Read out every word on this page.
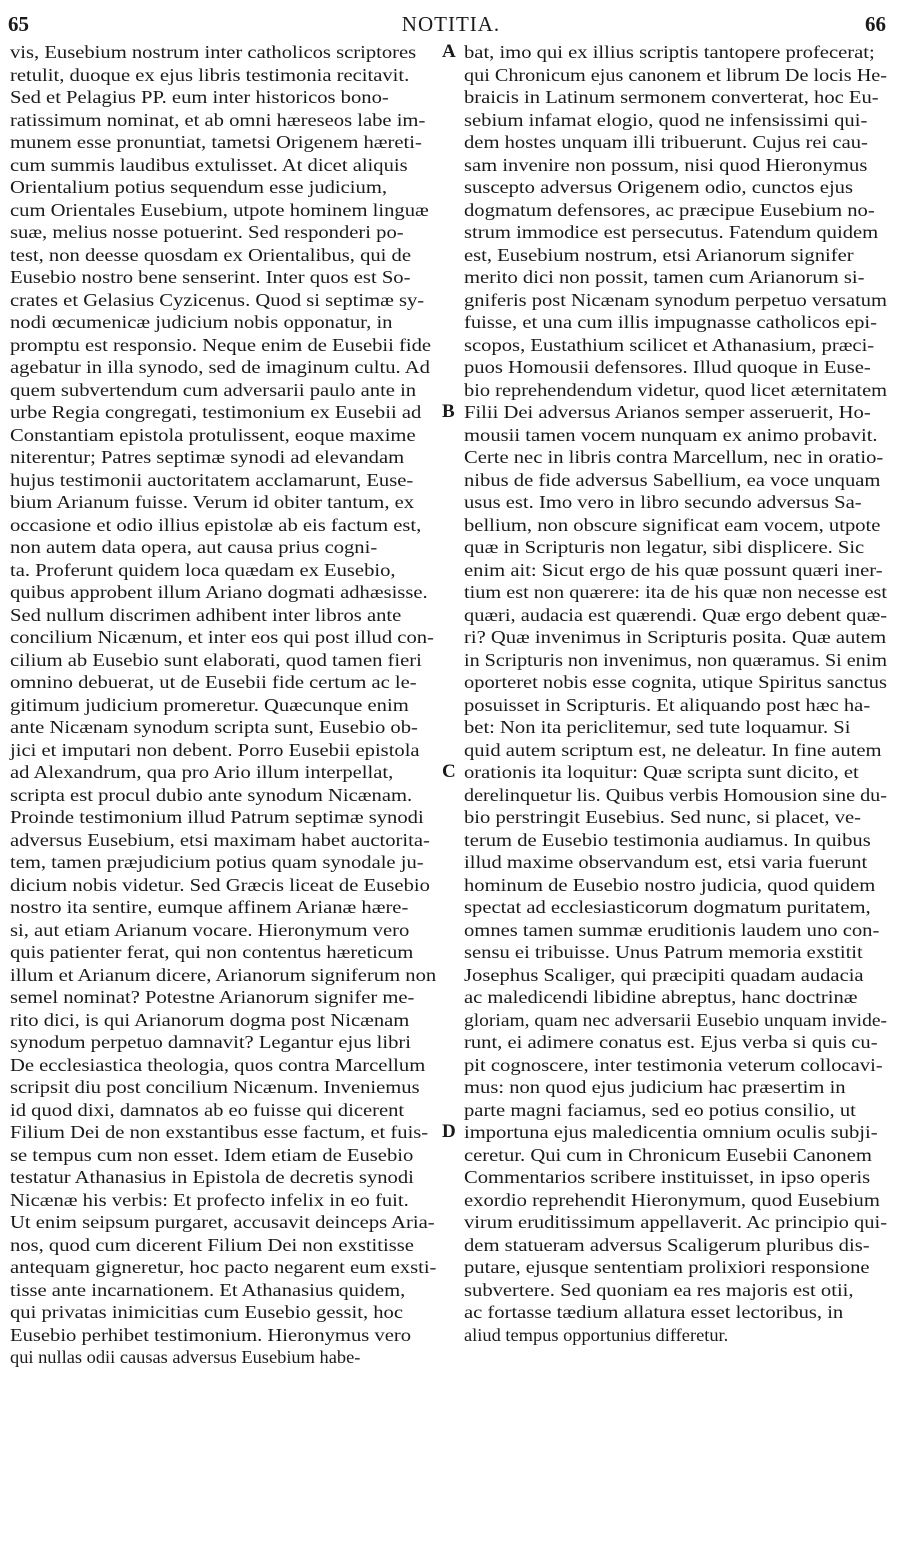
65	NOTITIA.	66
vis, Eusebium nostrum inter catholicos scriptores
retulit, duoque ex ejus libris testimonia recitavit.
Sed et Pelagius PP. eum inter historicos bono-
ratissimum nominat, et ab omni hæreseos labe im-
munem esse pronuntiat, tametsi Origenem hæreti-
cum summis laudibus extulisset. At dicet aliquis
Orientalium potius sequendum esse judicium,
cum Orientales Eusebium, utpote hominem linguæ
suæ, melius nosse potuerint. Sed responderi po-
test, non deesse quosdam ex Orientalibus, qui de
Eusebio nostro bene senserint. Inter quos est So-
crates et Gelasius Cyzicenus. Quod si septimæ sy-
nodi œcumenicæ judicium nobis opponatur, in
promptu est responsio. Neque enim de Eusebii fide
agebatur in illa synodo, sed de imaginum cultu. Ad
quem subvertendum cum adversarii paulo ante in
urbe Regia congregati, testimonium ex Eusebii ad
Constantiam epistola protulissent, eoque maxime
niterentur; Patres septimæ synodi ad elevandam
hujus testimonii auctoritatem acclamarunt, Euse-
bium Arianum fuisse. Verum id obiter tantum, ex
occasione et odio illius epistolæ ab eis factum est,
non autem data opera, aut causa prius cogni-
ta. Proferunt quidem loca quædam ex Eusebio,
quibus approbent illum Ariano dogmati adhæsisse.
Sed nullum discrimen adhibent inter libros ante
concilium Nicænum, et inter eos qui post illud con-
cilium ab Eusebio sunt elaborati, quod tamen fieri
omnino debuerat, ut de Eusebii fide certum ac le-
gitimum judicium promeretur. Quæcunque enim
ante Nicænam synodum scripta sunt, Eusebio ob-
jici et imputari non debent. Porro Eusebii epistola
ad Alexandrum, qua pro Ario illum interpellat,
scripta est procul dubio ante synodum Nicænam.
Proinde testimonium illud Patrum septimæ synodi
adversus Eusebium, etsi maximam habet auctorita-
tem, tamen præjudicium potius quam synodale ju-
dicium nobis videtur. Sed Græcis liceat de Eusebio
nostro ita sentire, eumque affinem Arianæ hære-
si, aut etiam Arianum vocare. Hieronymum vero
quis patienter ferat, qui non contentus hæreticum
illum et Arianum dicere, Arianorum signiferum non
semel nominat? Potestne Arianorum signifer me-
rito dici, is qui Arianorum dogma post Nicænam
synodum perpetuo damnavit? Legantur ejus libri
De ecclesiastica theologia, quos contra Marcellum
scripsit diu post concilium Nicænum. Inveniemus
id quod dixi, damnatos ab eo fuisse qui dicerent
Filium Dei de non exstantibus esse factum, et fuis-
se tempus cum non esset. Idem etiam de Eusebio
testatur Athanasius in Epistola de decretis synodi
Nicænæ his verbis: Et profecto infelix in eo fuit.
Ut enim seipsum purgaret, accusavit deinceps Aria-
nos, quod cum dicerent Filium Dei non exstitisse
antequam gigneretur, hoc pacto negarent eum exsti-
tisse ante incarnationem. Et Athanasius quidem,
qui privatas inimicitias cum Eusebio gessit, hoc
Eusebio perhibet testimonium. Hieronymus vero
qui nullas odii causas adversus Eusebium habe-
bat, imo qui ex illius scriptis tantopere profecerat;
qui Chronicum ejus canonem et librum De locis He-
braicis in Latinum sermonem converterat, hoc Eu-
sebium infamat elogio, quod ne infensissimi qui-
dem hostes unquam illi tribuerunt. Cujus rei cau-
sam invenire non possum, nisi quod Hieronymus
suscepto adversus Origenem odio, cunctos ejus
dogmatum defensores, ac præcipue Eusebium no-
strum immodice est persecutus. Fatendum quidem
est, Eusebium nostrum, etsi Arianorum signifer
merito dici non possit, tamen cum Arianorum si-
gniferis post Nicænam synodum perpetuo versatum
fuisse, et una cum illis impugnasse catholicos epi-
scopos, Eustathium scilicet et Athanasium, præci-
puos Homousii defensores. Illud quoque in Euse-
bio reprehendendum videtur, quod licet æternitatem
Filii Dei adversus Arianos semper asseruerit, Ho-
mousii tamen vocem nunquam ex animo probavit.
Certe nec in libris contra Marcellum, nec in oratio-
nibus de fide adversus Sabellium, ea voce unquam
usus est. Imo vero in libro secundo adversus Sa-
bellium, non obscure significat eam vocem, utpote
quæ in Scripturis non legatur, sibi displicere. Sic
enim ait: Sicut ergo de his quæ possunt quæri iner-
tium est non quærere: ita de his quæ non necesse est
quæri, audacia est quærendi. Quæ ergo debent quæ-
ri? Quæ invenimus in Scripturis posita. Quæ autem
in Scripturis non invenimus, non quæramus. Si enim
oporteret nobis esse cognita, utique Spiritus sanctus
posuisset in Scripturis. Et aliquando post hæc ha-
bet: Non ita periclitemur, sed tute loquamur. Si
quid autem scriptum est, ne deleatur. In fine autem
orationis ita loquitur: Quæ scripta sunt dicito, et
derelinquetur lis. Quibus verbis Homousion sine du-
bio perstringit Eusebius. Sed nunc, si placet, ve-
terum de Eusebio testimonia audiamus. In quibus
illud maxime observandum est, etsi varia fuerunt
hominum de Eusebio nostro judicia, quod quidem
spectat ad ecclesiasticorum dogmatum puritatem,
omnes tamen summæ eruditionis laudem uno con-
sensu ei tribuisse. Unus Patrum memoria exstitit
Josephus Scaliger, qui præcipiti quadam audacia
ac maledicendi libidine abreptus, hanc doctrinæ
gloriam, quam nec adversarii Eusebio unquam invide-
runt, ei adimere conatus est. Ejus verba si quis cu-
pit cognoscere, inter testimonia veterum collocavi-
mus: non quod ejus judicium hac præsertim in
parte magni faciamus, sed eo potius consilio, ut
importuna ejus maledicentia omnium oculis subji-
ceretur. Qui cum in Chronicum Eusebii Canonem
Commentarios scribere instituisset, in ipso operis
exordio reprehendit Hieronymum, quod Eusebium
virum eruditissimum appellaverit. Ac principio qui-
dem statueram adversus Scaligerum pluribus dis-
putare, ejusque sententiam prolixiori responsione
subvertere. Sed quoniam ea res majoris est otii,
ac fortasse tædium allatura esset lectoribus, in
aliud tempus opportunius differetur.
A
B
C
D
